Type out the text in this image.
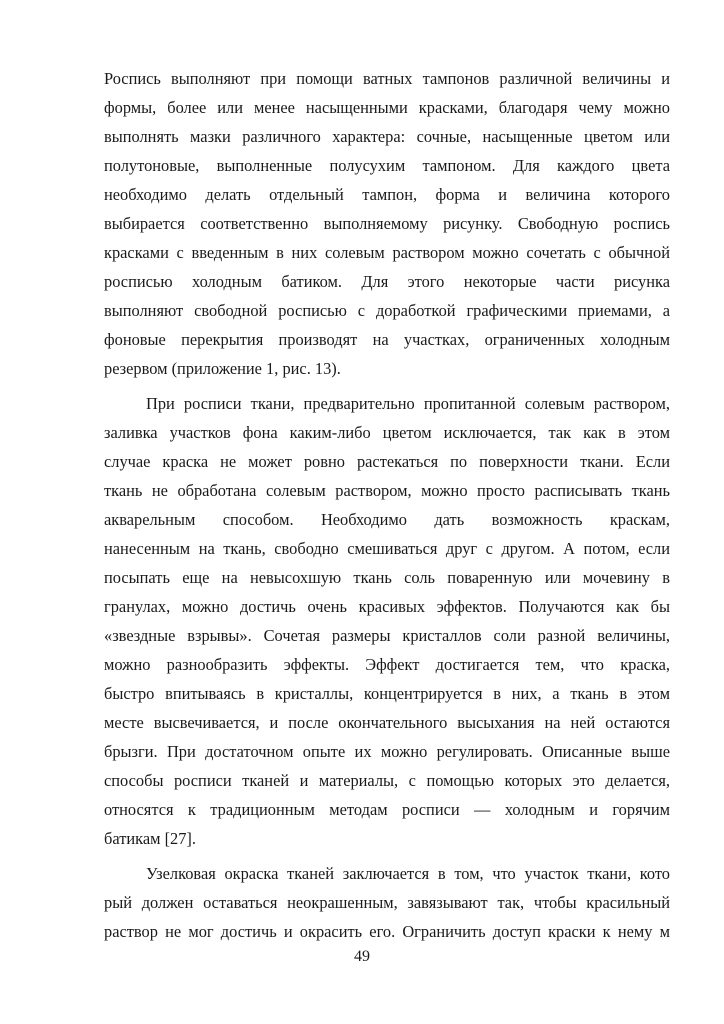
Роспись выполняют при помощи ватных тампонов различной величины и
формы, более или менее насыщенными красками, благодаря чему можно
выполнять мазки различного характера: сочные, насыщенные цветом или
полутоновые, выполненные полусухим тампоном. Для каждого цвета
необходимо делать отдельный тампон, форма и величина которого
выбирается соответственно выполняемому рисунку. Свободную роспись
красками с введенным в них солевым раствором можно сочетать с обычной
росписью холодным батиком. Для этого некоторые части рисунка
выполняют свободной росписью с доработкой графическими приемами, а
фоновые перекрытия производят на участках, ограниченных холодным
резервом (приложение 1, рис. 13).
При росписи ткани, предварительно пропитанной солевым раствором,
заливка участков фона каким-либо цветом исключается, так как в этом
случае краска не может ровно растекаться по поверхности ткани. Если
ткань не обработана солевым раствором, можно просто расписывать ткань
акварельным способом. Необходимо дать возможность краскам,
нанесенным на ткань, свободно смешиваться друг с другом. А потом, если
посыпать еще на невысохшую ткань соль поваренную или мочевину в
гранулах, можно достичь очень красивых эффектов. Получаются как бы
«звездные взрывы». Сочетая размеры кристаллов соли разной величины,
можно разнообразить эффекты. Эффект достигается тем, что краска,
быстро впитываясь в кристаллы, концентрируется в них, а ткань в этом
месте высвечивается, и после окончательного высыхания на ней остаются
брызги. При достаточном опыте их можно регулировать. Описанные выше
способы росписи тканей и материалы, с помощью которых это делается,
относятся к традиционным методам росписи — холодным и горячим
батикам [27].
Узелковая окраска тканей заключается в том, что участок ткани, кото
рый должен оставаться неокрашенным, завязывают так, чтобы красильный
раствор не мог достичь и окрасить его. Ограничить доступ краски к нему м
49
